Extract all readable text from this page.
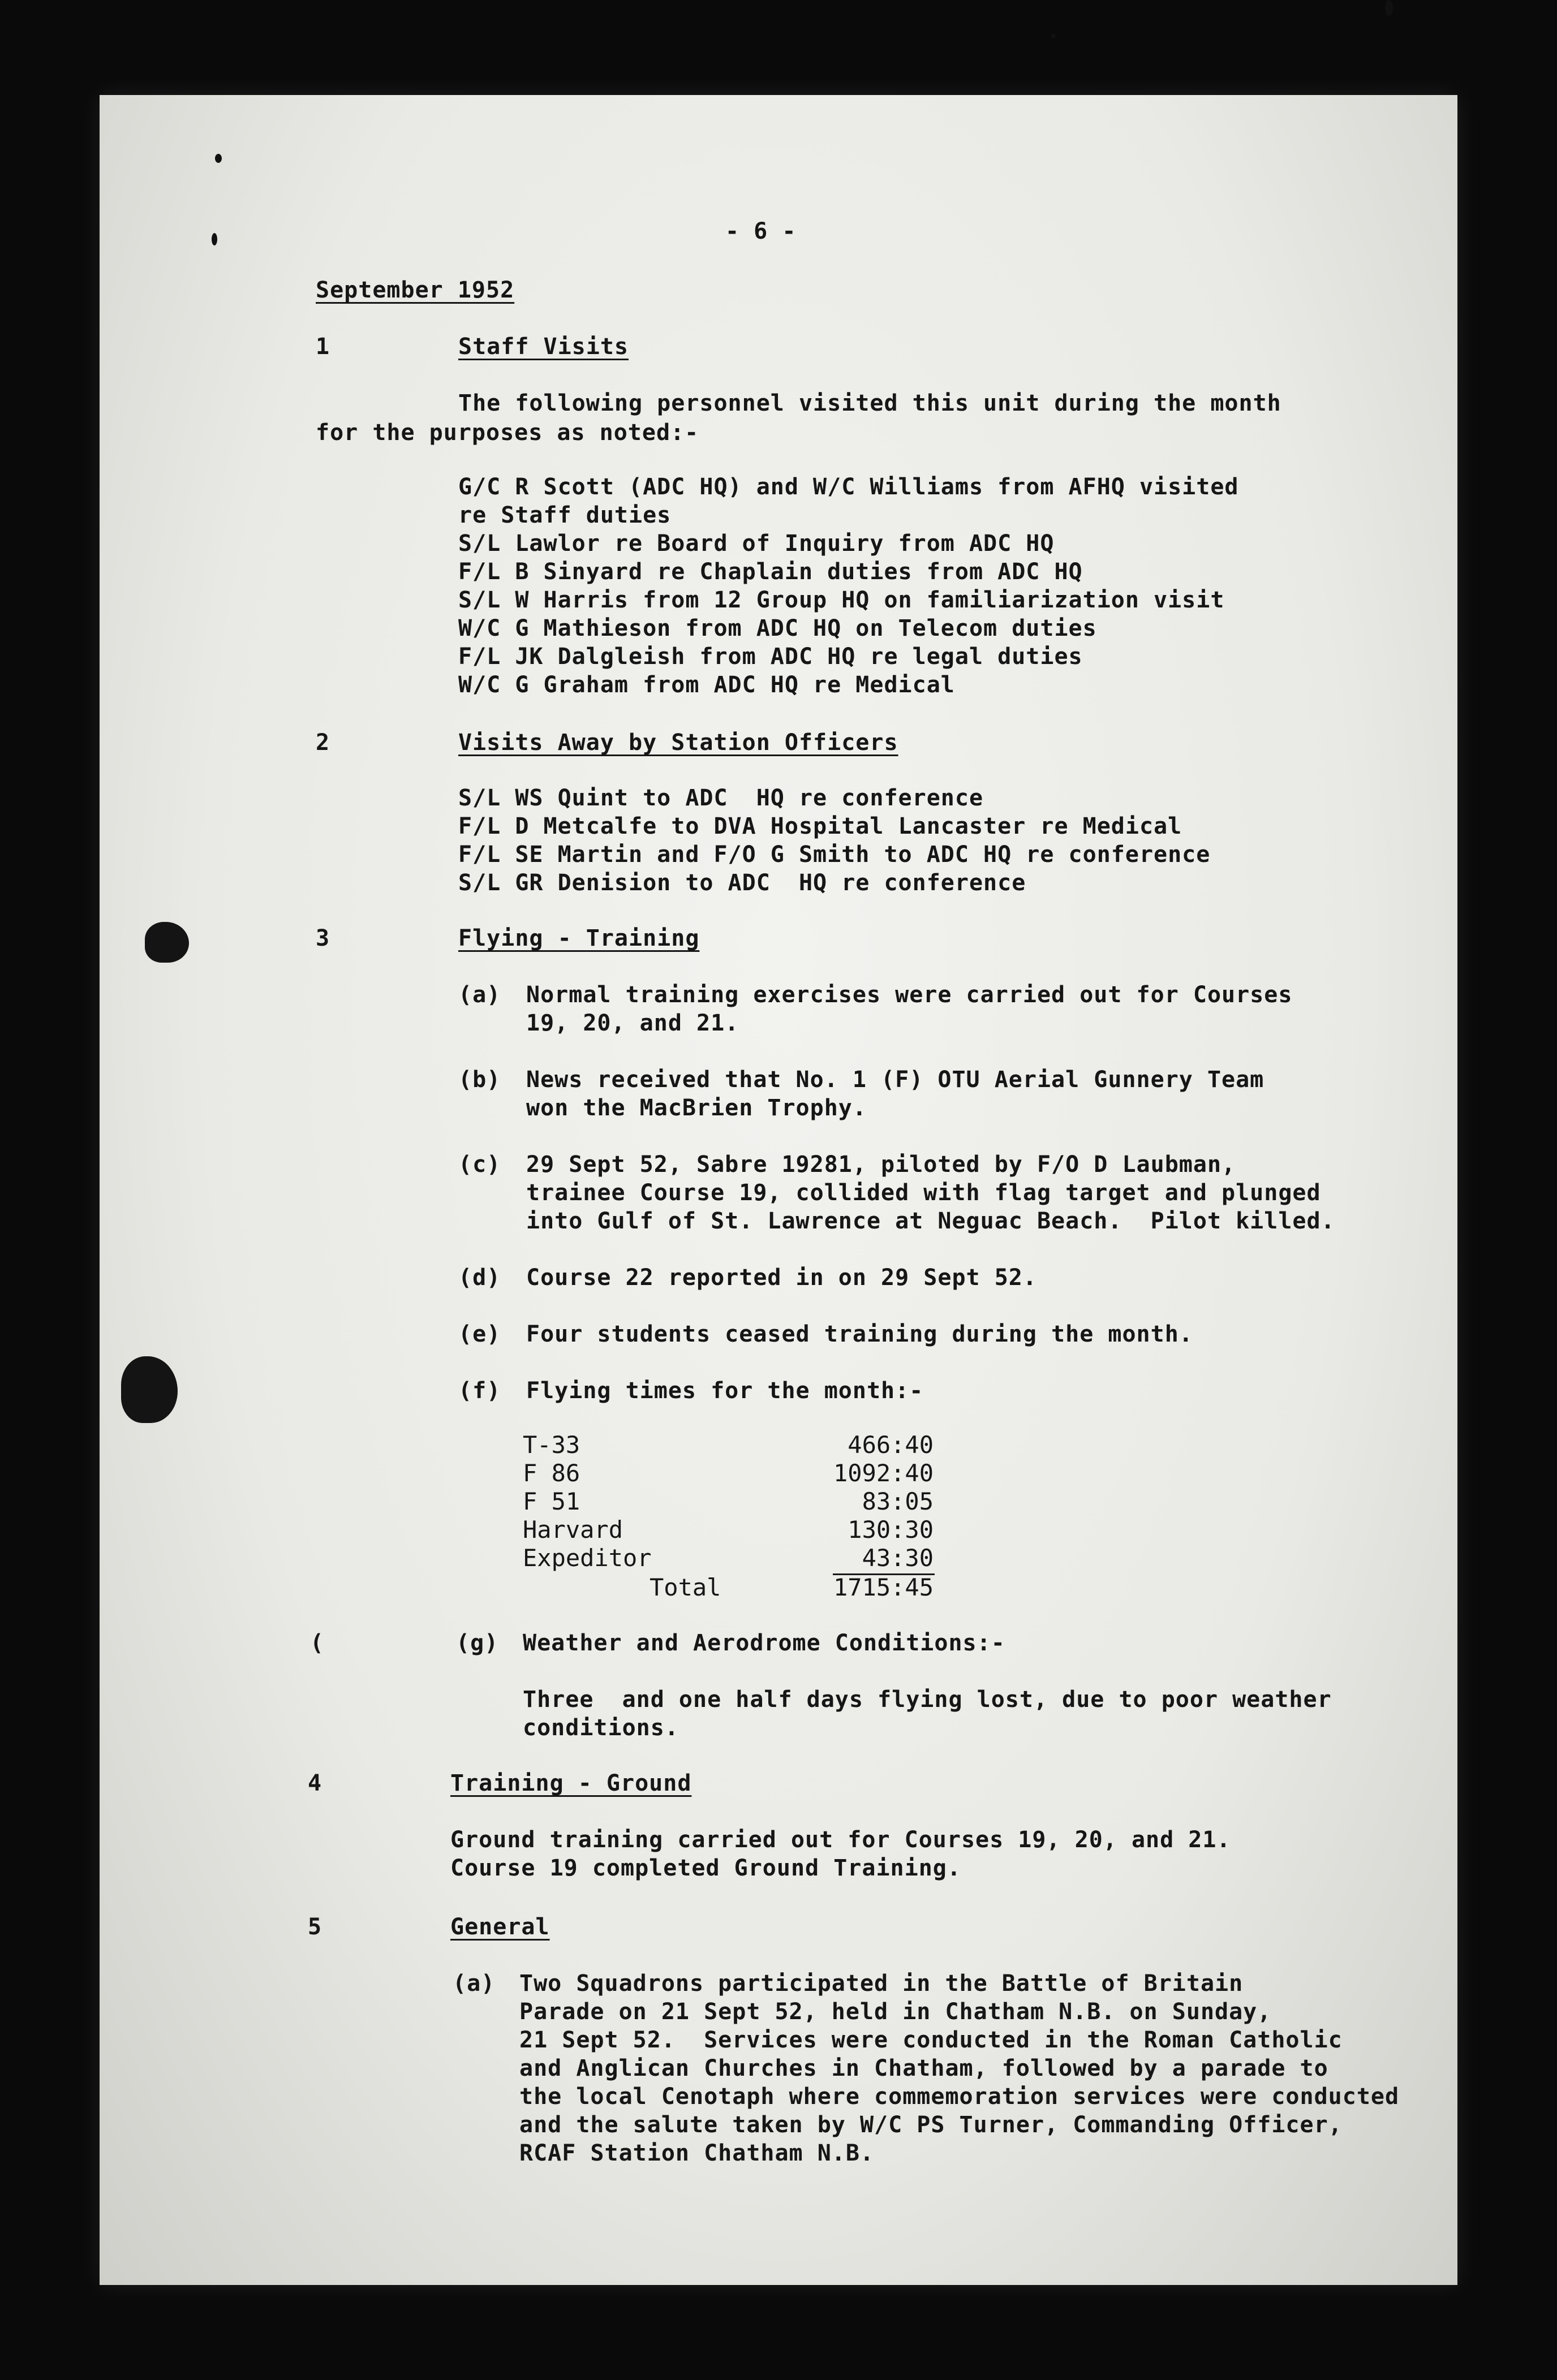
- 6 -
September 1952
1	Staff Visits
The following personnel visited this unit during the month
for the purposes as noted:-
G/C R Scott (ADC HQ) and W/C Williams from AFHQ visited
re Staff duties
S/L Lawlor re Board of Inquiry from ADC HQ
F/L B Sinyard re Chaplain duties from ADC HQ
S/L W Harris from 12 Group HQ on familiarization visit
W/C G Mathieson from ADC HQ on Telecom duties
F/L JK Dalgleish from ADC HQ re legal duties
W/C G Graham from ADC HQ re Medical
2	Visits Away by Station Officers
S/L WS Quint to ADC  HQ re conference
F/L D Metcalfe to DVA Hospital Lancaster re Medical
F/L SE Martin and F/O G Smith to ADC HQ re conference
S/L GR Denision to ADC  HQ re conference
3	Flying - Training
(a) Normal training exercises were carried out for Courses
19, 20, and 21.
(b) News received that No. 1 (F) OTU Aerial Gunnery Team
won the MacBrien Trophy.
(c) 29 Sept 52, Sabre 19281, piloted by F/O D Laubman,
trainee Course 19, collided with flag target and plunged
into Gulf of St. Lawrence at Neguac Beach.  Pilot killed.
(d) Course 22 reported in on 29 Sept 52.
(e) Four students ceased training during the month.
(f) Flying times for the month:-
T-33	466:40
F 86	1092:40
F 51	83:05
Harvard	130:30
Expeditor	43:30
Total	1715:45
(	(g) Weather and Aerodrome Conditions:-
Three  and one half days flying lost, due to poor weather
conditions.
4	Training - Ground
Ground training carried out for Courses 19, 20, and 21.
Course 19 completed Ground Training.
5	General
(a) Two Squadrons participated in the Battle of Britain
Parade on 21 Sept 52, held in Chatham N.B. on Sunday,
21 Sept 52.  Services were conducted in the Roman Catholic
and Anglican Churches in Chatham, followed by a parade to
the local Cenotaph where commemoration services were conducted
and the salute taken by W/C PS Turner, Commanding Officer,
RCAF Station Chatham N.B.
